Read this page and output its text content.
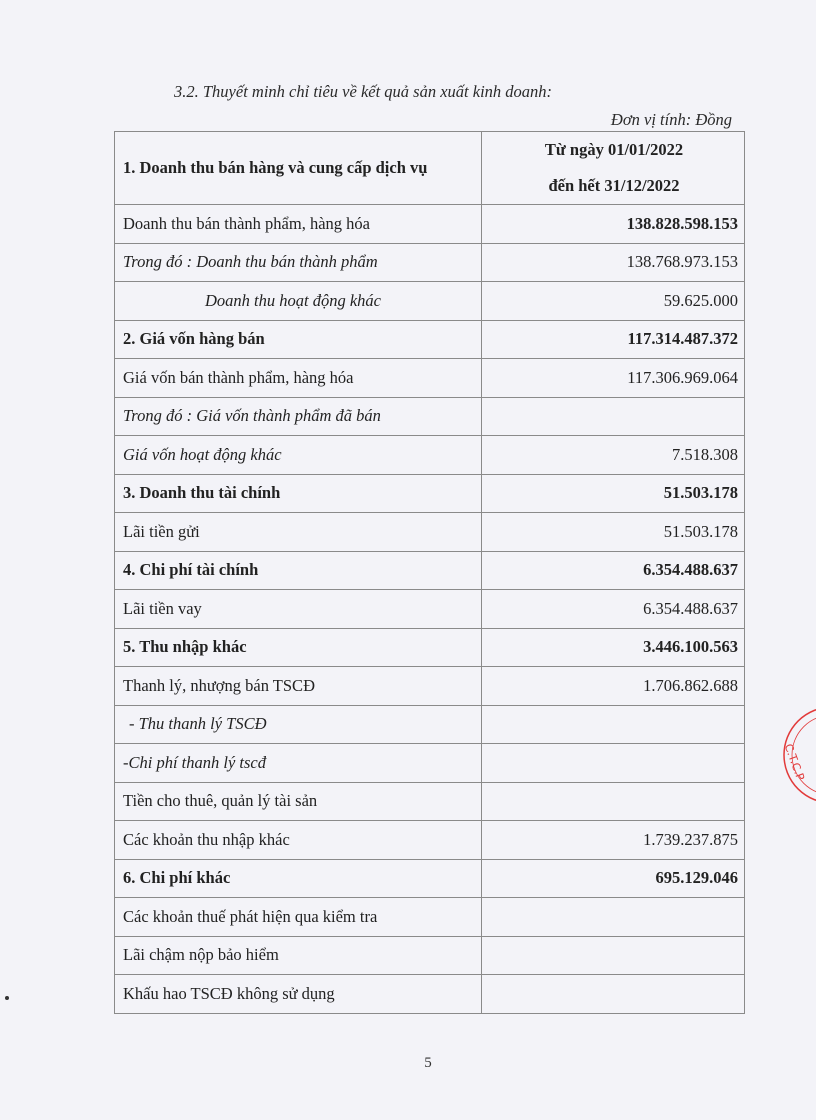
3.2. Thuyết minh chỉ tiêu về kết quả sản xuất kinh doanh:
Đơn vị tính: Đồng
1. Doanh thu bán hàng và cung cấp dịch vụ	Từ ngày 01/01/2022
đến hết 31/12/2022

Doanh thu bán thành phẩm, hàng hóa	138.828.598.153
Trong đó : Doanh thu bán thành phẩm	138.768.973.153
Doanh thu hoạt động khác	59.625.000
2. Giá vốn hàng bán	117.314.487.372
Giá vốn bán thành phẩm, hàng hóa	117.306.969.064
Trong đó : Giá vốn thành phẩm đã bán	
Giá vốn hoạt động khác	7.518.308
3. Doanh thu tài chính	51.503.178
Lãi tiền gửi	51.503.178
4. Chi phí tài chính	6.354.488.637
Lãi tiền vay	6.354.488.637
5. Thu nhập khác	3.446.100.563
Thanh lý, nhượng bán TSCĐ	1.706.862.688
- Thu thanh lý TSCĐ	
-Chi phí thanh lý tscđ	
Tiền cho thuê, quản lý tài sản	
Các khoản thu nhập khác	1.739.237.875
6. Chi phí khác	695.129.046
Các khoản thuế phát hiện qua kiểm tra	
Lãi chậm nộp bảo hiểm	
Khấu hao TSCĐ không sử dụng	
C.T.C.P
5
